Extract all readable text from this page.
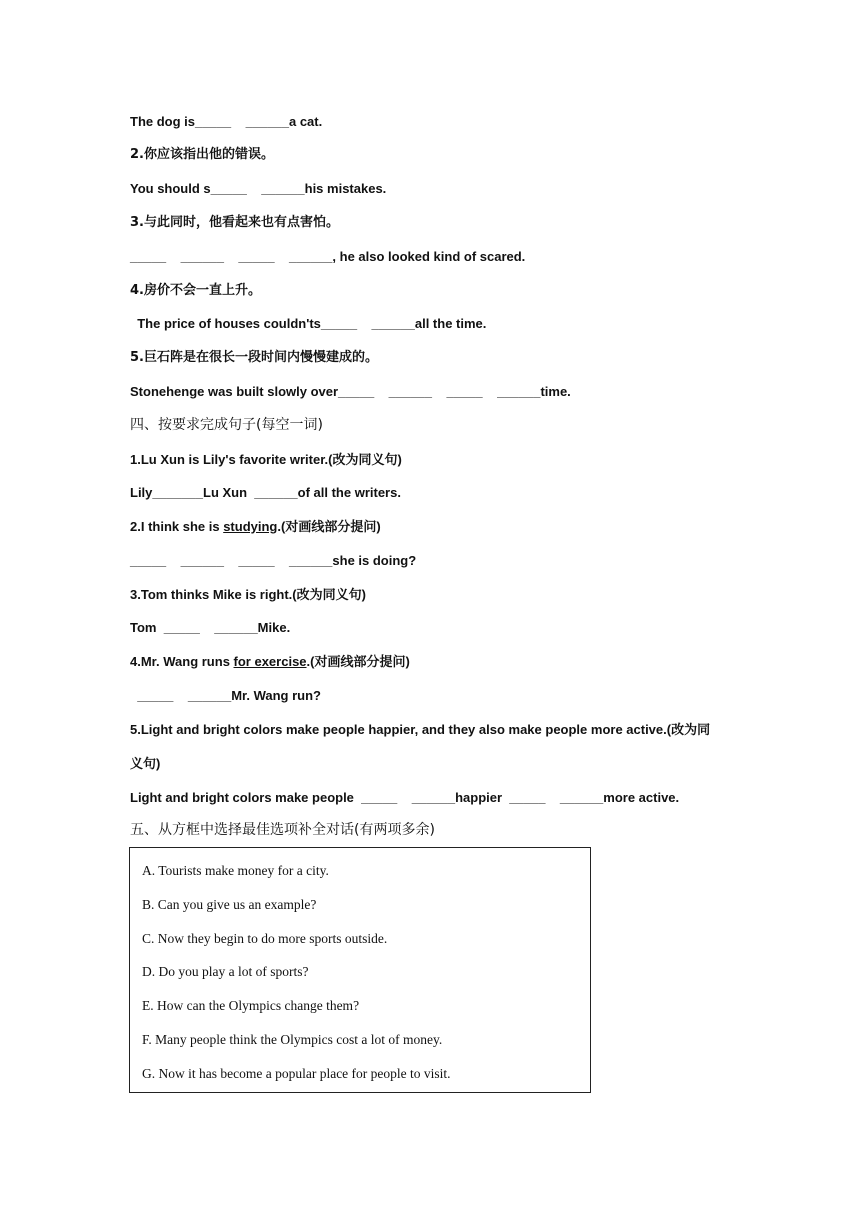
The dog is_____    ______a cat.
2.你应该指出他的错误。
You should s_____    ______his mistakes.
3.与此同时，他看起来也有点害怕。
_____    ______    _____    ______, he also looked kind of scared.
4.房价不会一直上升。
The price of houses couldn'ts_____    ______all the time.
5.巨石阵是在很长一段时间内慢慢建成的。
Stonehenge was built slowly over_____    ______    _____    ______time.
四、按要求完成句子(每空一词)
1.Lu Xun is Lily's favorite writer.(改为同义句)
Lily_______Lu Xun  ______of all the writers.
2.I think she is studying.(对画线部分提问)
_____    ______    _____    ______she is doing?
3.Tom thinks Mike is right.(改为同义句)
Tom  _____    ______Mike.
4.Mr. Wang runs for exercise.(对画线部分提问)
_____    ______Mr. Wang run?
5.Light and bright colors make people happier, and they also make people more active.(改为同
义句)
Light and bright colors make people  _____    ______happier  _____    ______more active.
五、从方框中选择最佳选项补全对话(有两项多余)
A. Tourists make money for a city.
B. Can you give us an example?
C. Now they begin to do more sports outside.
D. Do you play a lot of sports?
E. How can the Olympics change them?
F. Many people think the Olympics cost a lot of money.
G. Now it has become a popular place for people to visit.
